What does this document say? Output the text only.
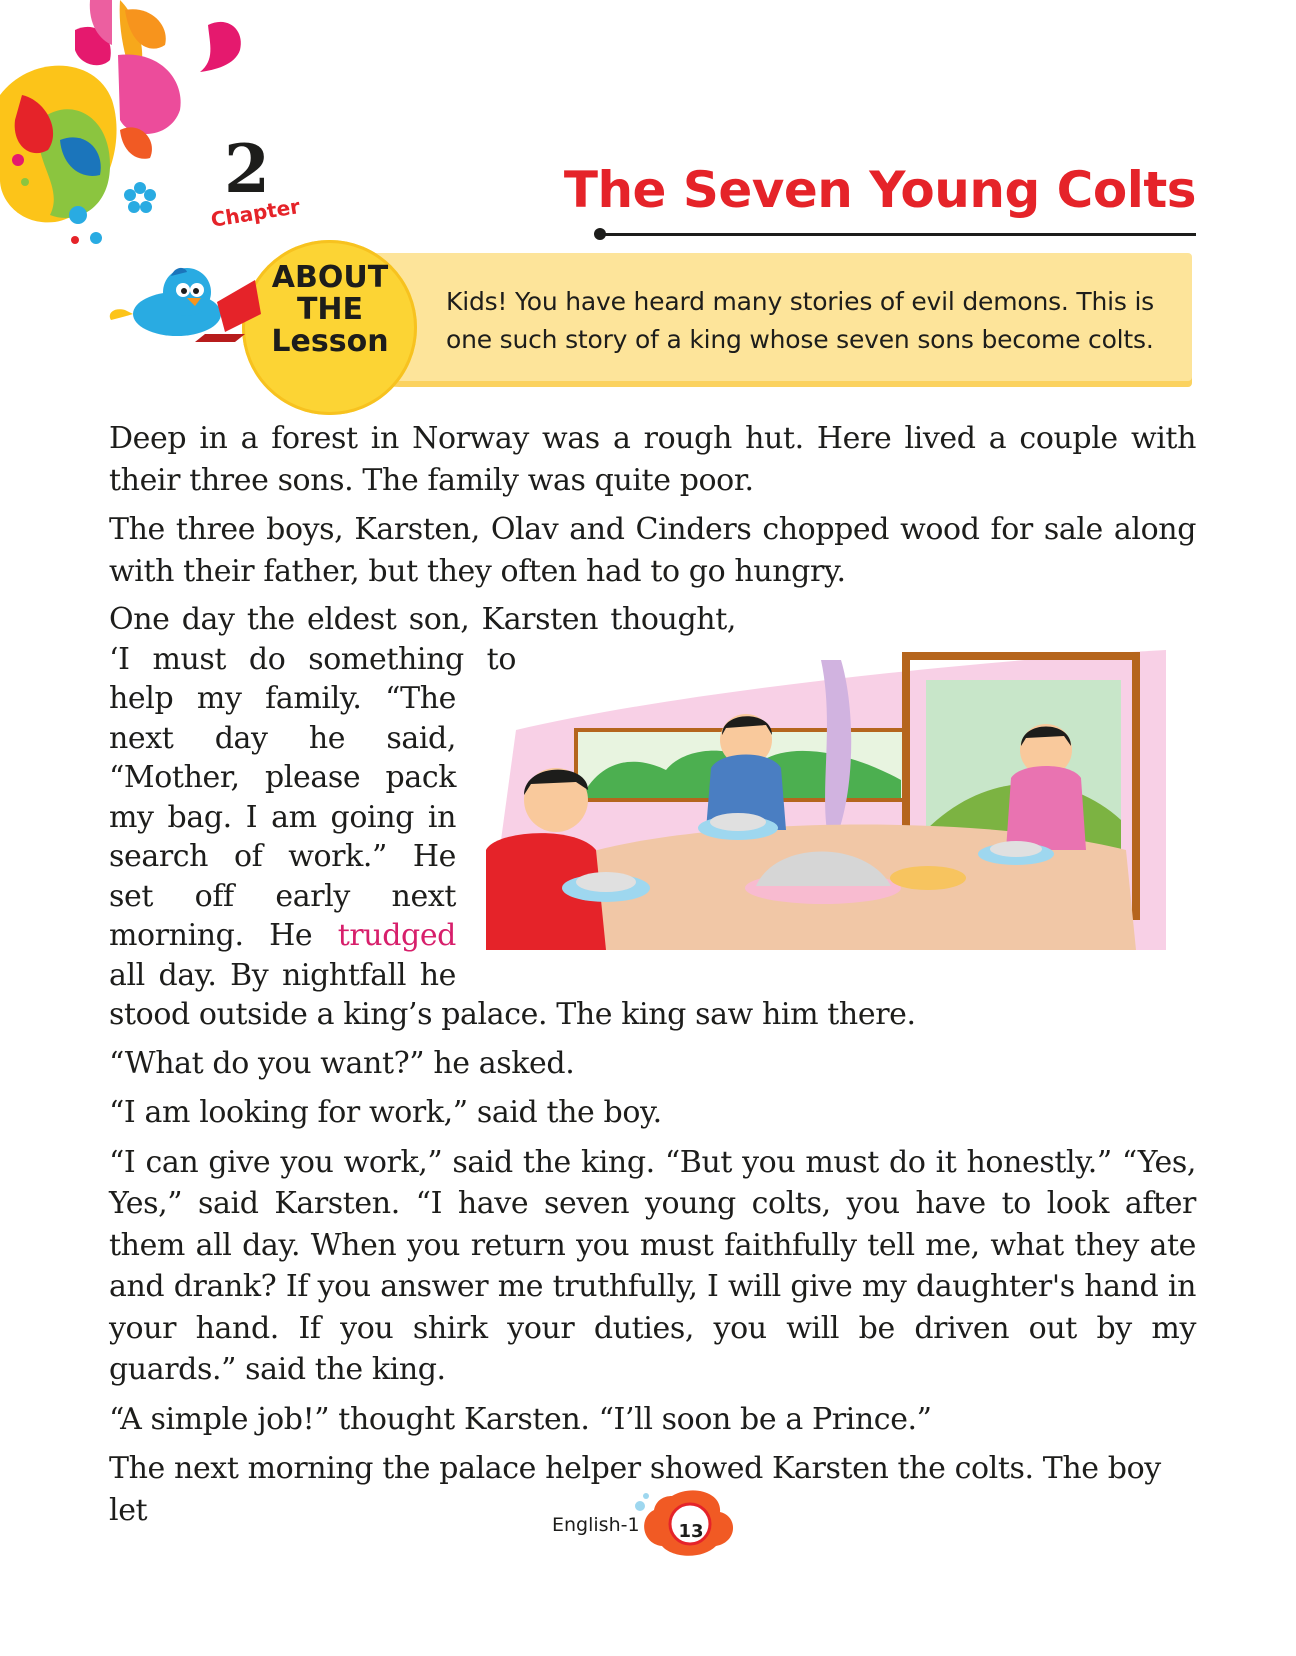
2
Chapter	The Seven Young Colts
ABOUT
THE
Lesson
Kids! You have heard many stories of evil demons. This is one such story of a king whose seven sons become colts.

Deep in a forest in Norway was a rough hut. Here lived a couple with their three sons. The family was quite poor.

The three boys, Karsten, Olav and Cinders chopped wood for sale along with their father, but they often had to go hungry.

“What do you want?” he asked.

“I am looking for work,” said the boy.

“I can give you work,” said the king. “But you must do it honestly.” “Yes, Yes,” said Karsten. “I have seven young colts, you have to look after them all day. When you return you must faithfully tell me, what they ate and drank? If you answer me truthfully, I will give my daughter's hand in your hand. If you shirk your duties, you will be driven out by my guards.” said the king.

“A simple job!” thought Karsten. “I’ll soon be a Prince.”

The next morning the palace helper showed Karsten the colts. The boy let

One day the eldest son, Karsten thought, ‘I must do something to help my family. “The next day he said, “Mother, please pack my bag. I am going in search of work.” He set off early next morning. He trudged all day. By nightfall he stood outside a king’s palace. The king saw him there.
English-1	13
